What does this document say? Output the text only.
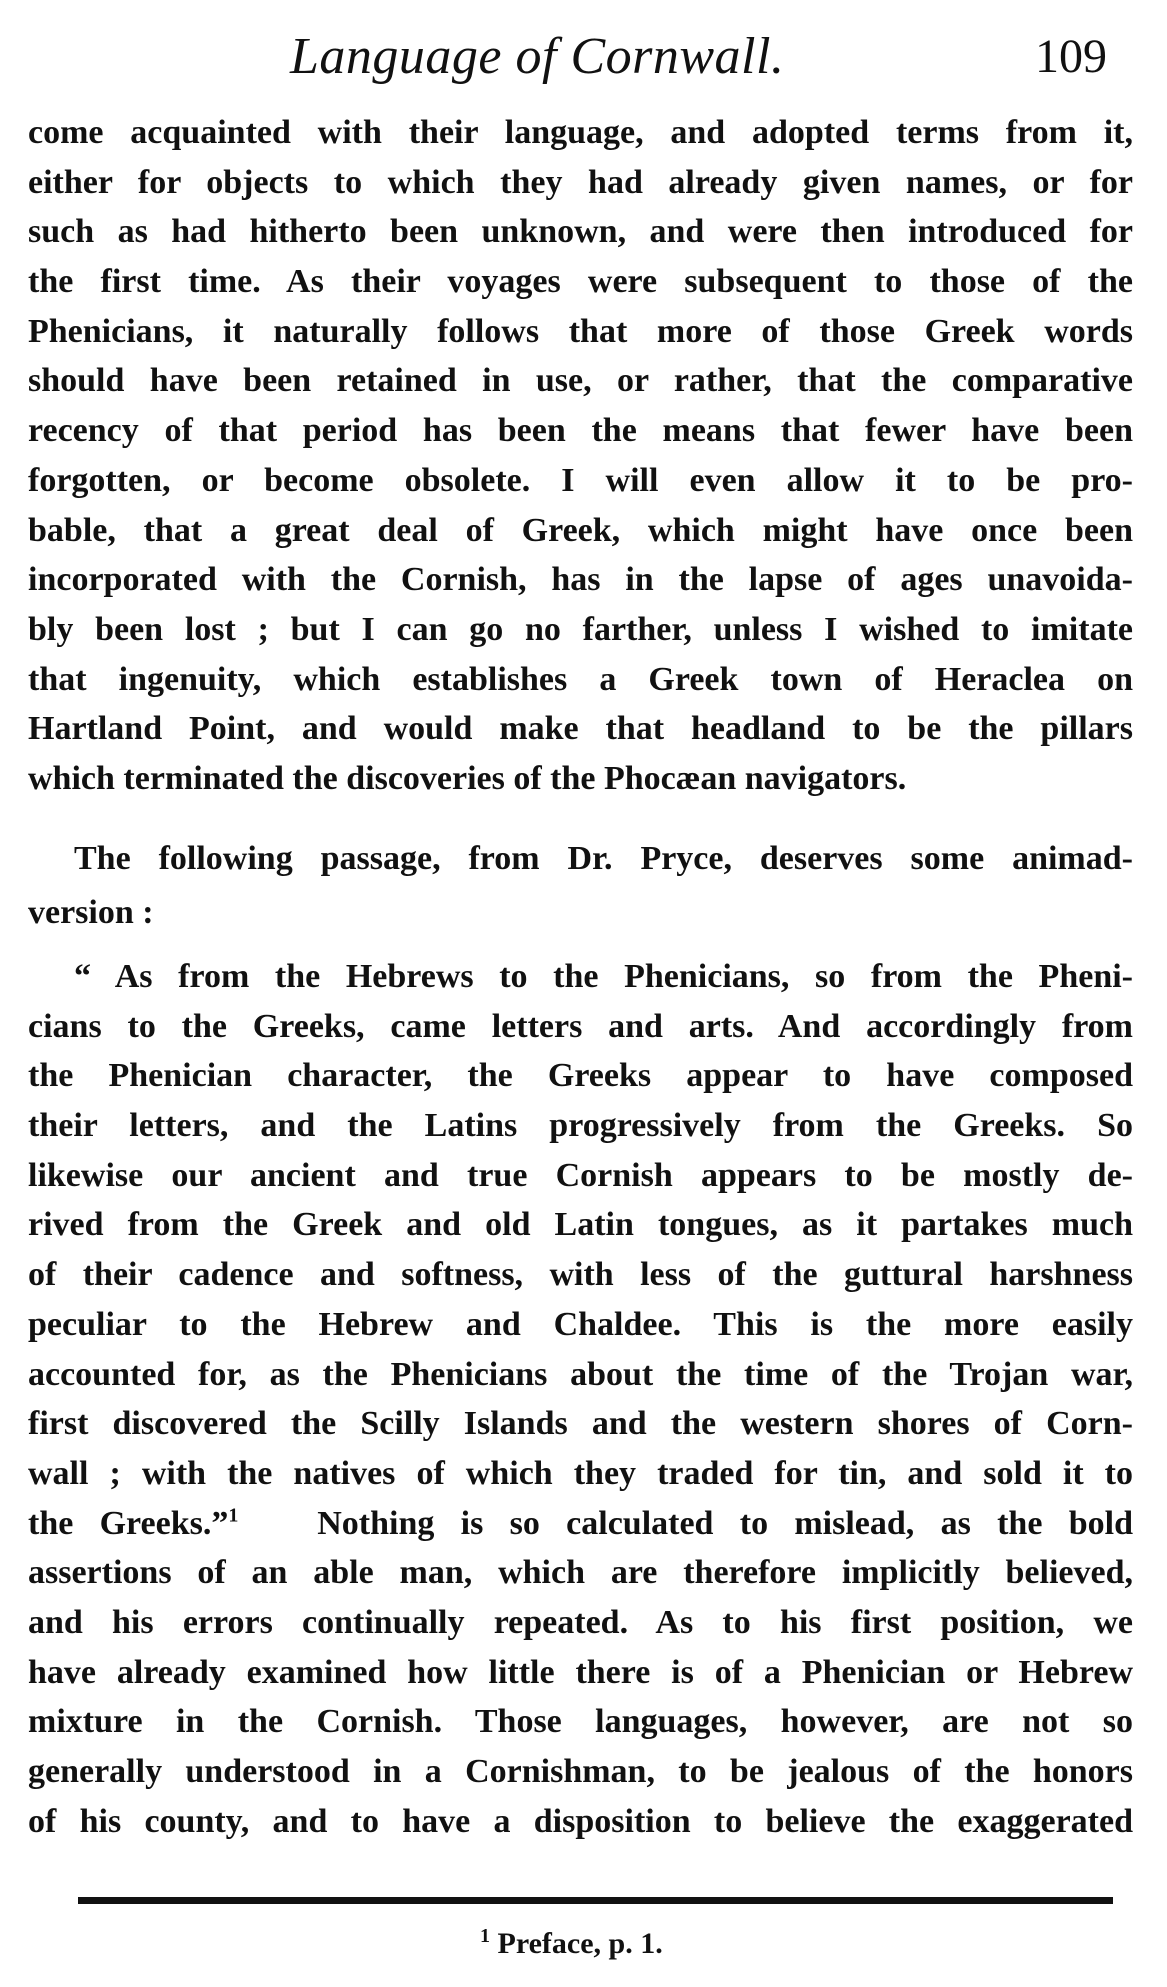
Language of Cornwall.	109
come acquainted with their language, and adopted terms from it,
either for objects to which they had already given names, or for
such as had hitherto been unknown, and were then introduced for
the first time. As their voyages were subsequent to those of the
Phenicians, it naturally follows that more of those Greek words
should have been retained in use, or rather, that the comparative
recency of that period has been the means that fewer have been
forgotten, or become obsolete. I will even allow it to be pro-
bable, that a great deal of Greek, which might have once been
incorporated with the Cornish, has in the lapse of ages unavoida-
bly been lost ; but I can go no farther, unless I wished to imitate
that ingenuity, which establishes a Greek town of Heraclea on
Hartland Point, and would make that headland to be the pillars
which terminated the discoveries of the Phocæan navigators.
The following passage, from Dr. Pryce, deserves some animad-
version :
“ As from the Hebrews to the Phenicians, so from the Pheni-
cians to the Greeks, came letters and arts. And accordingly from
the Phenician character, the Greeks appear to have composed
their letters, and the Latins progressively from the Greeks. So
likewise our ancient and true Cornish appears to be mostly de-
rived from the Greek and old Latin tongues, as it partakes much
of their cadence and softness, with less of the guttural harshness
peculiar to the Hebrew and Chaldee. This is the more easily
accounted for, as the Phenicians about the time of the Trojan war,
first discovered the Scilly Islands and the western shores of Corn-
wall ; with the natives of which they traded for tin, and sold it to
the Greeks.”$^1$ Nothing is so calculated to mislead, as the bold
assertions of an able man, which are therefore implicitly believed,
and his errors continually repeated. As to his first position, we
have already examined how little there is of a Phenician or Hebrew
mixture in the Cornish. Those languages, however, are not so
generally understood in a Cornishman, to be jealous of the honors
of his county, and to have a disposition to believe the exaggerated
$^1$ Preface, p. 1.
